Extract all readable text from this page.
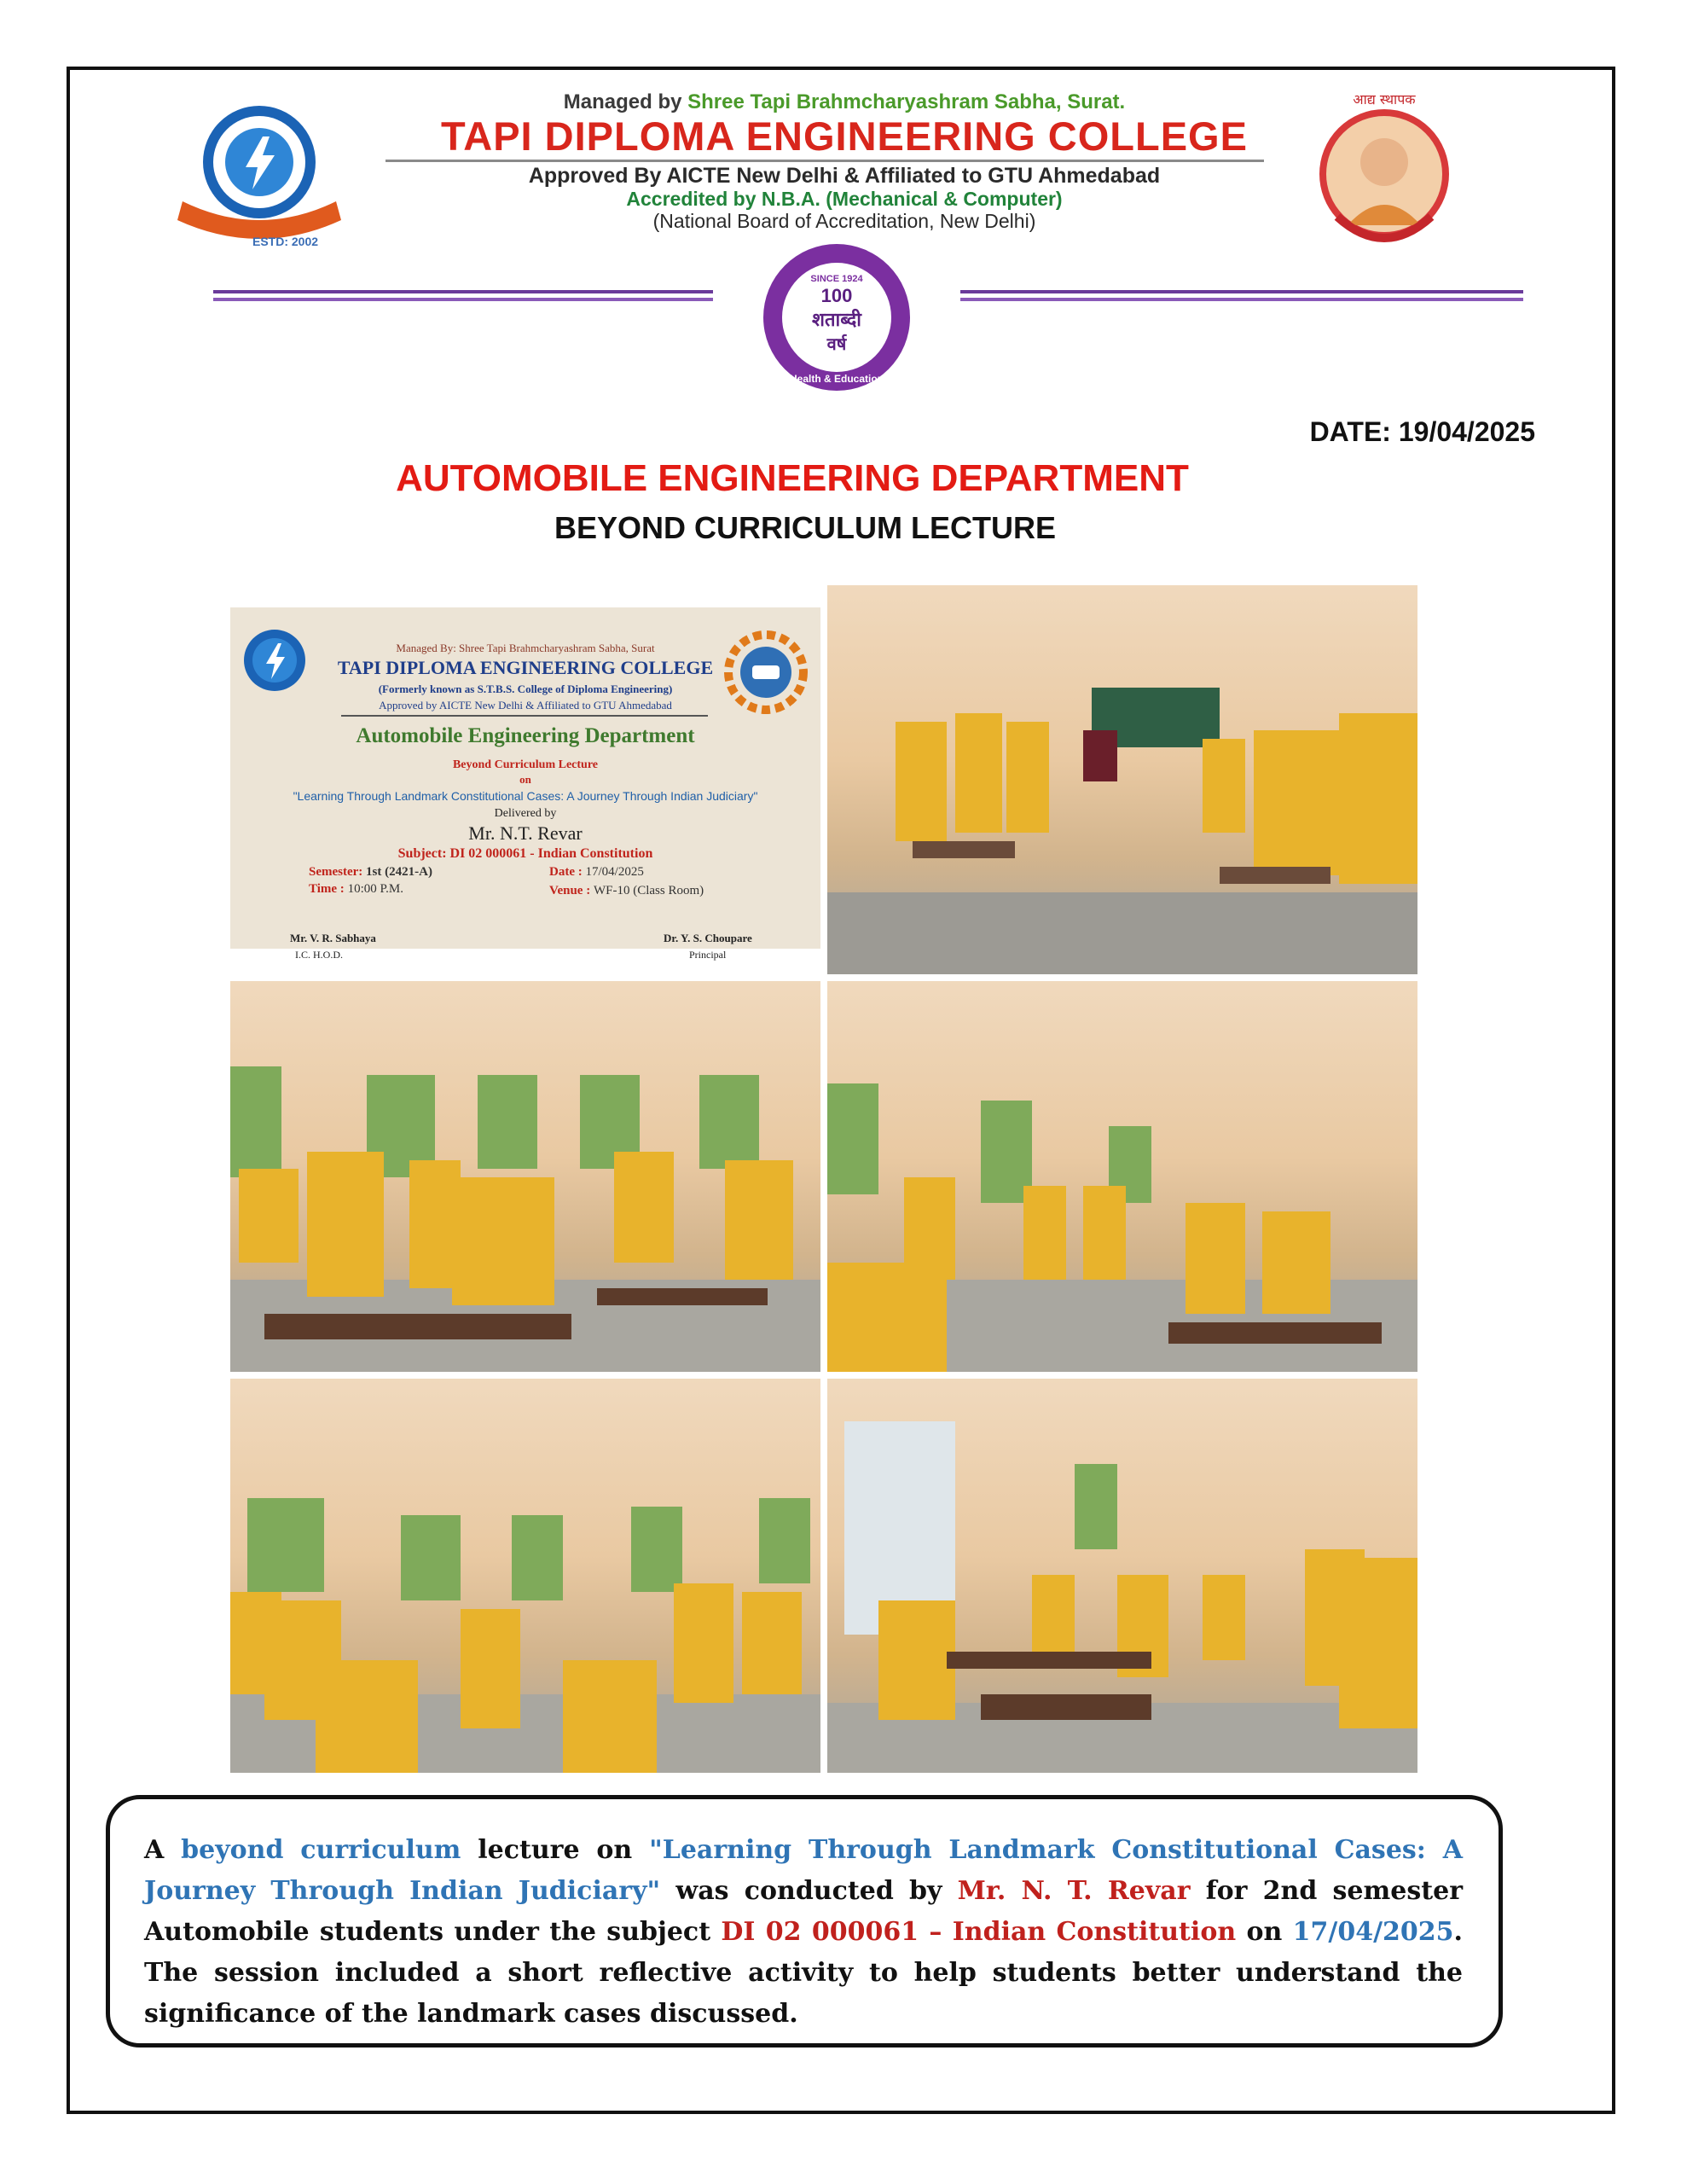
ESTD: 2002
Managed by Shree Tapi Brahmcharyashram Sabha, Surat.
TAPI DIPLOMA ENGINEERING COLLEGE
Approved By AICTE New Delhi & Affiliated to GTU Ahmedabad
Accredited by N.B.A. (Mechanical & Computer)
(National Board of Accreditation, New Delhi)
आद्य स्थापक
SINCE 1924
100
शताब्दी
वर्ष
Health & Education
DATE: 19/04/2025
AUTOMOBILE ENGINEERING DEPARTMENT
BEYOND CURRICULUM LECTURE
Managed By: Shree Tapi Brahmcharyashram Sabha, Surat
TAPI DIPLOMA ENGINEERING COLLEGE
(Formerly known as S.T.B.S. College of Diploma Engineering)
Approved by AICTE New Delhi & Affiliated to GTU Ahmedabad
Automobile Engineering Department
Beyond Curriculum Lecture
on
"Learning Through Landmark Constitutional Cases: A Journey Through Indian Judiciary"
Delivered by
Mr. N.T. Revar
Subject: DI 02 000061 - Indian Constitution
Semester: 1st (2421-A)	Date : 17/04/2025
Time : 10:00 P.M.	Venue : WF-10 (Class Room)
Mr. V. R. Sabhaya
I.C. H.O.D.
Dr. Y. S. Choupare
Principal

A beyond curriculum lecture on "Learning Through Landmark Constitutional Cases: A Journey Through Indian Judiciary" was conducted by Mr. N. T. Revar for 2nd semester Automobile students under the subject DI 02 000061 – Indian Constitution on 17/04/2025. The session included a short reflective activity to help students better understand the significance of the landmark cases discussed.
